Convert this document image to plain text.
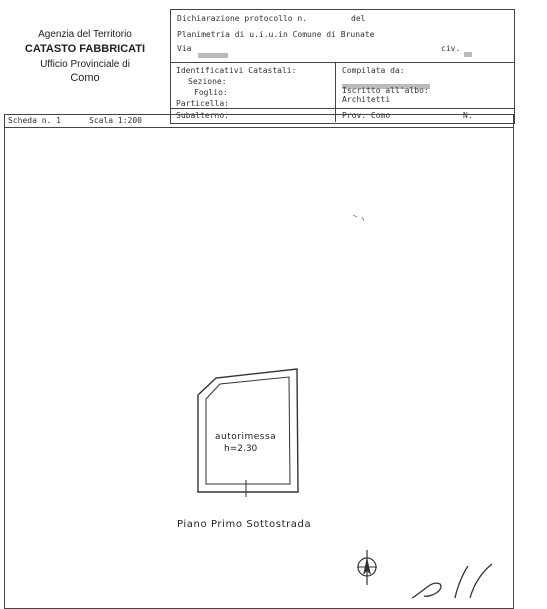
Agenzia del Territorio
CATASTO FABBRICATI
Ufficio Provinciale di
Como
Dichiarazione protocollo n.	del
Planimetria di u.i.u.in Comune di Brunate
Via	civ.
Identificativi Catastali:
Sezione:
Foglio:
Particella:
Subalterno:
Compilata da:
Iscritto all'albo:
Architetti
Prov. Como	N.
Scheda n. 1	Scala 1:200
autorimessa
h=2.30
Piano Primo Sottostrada
